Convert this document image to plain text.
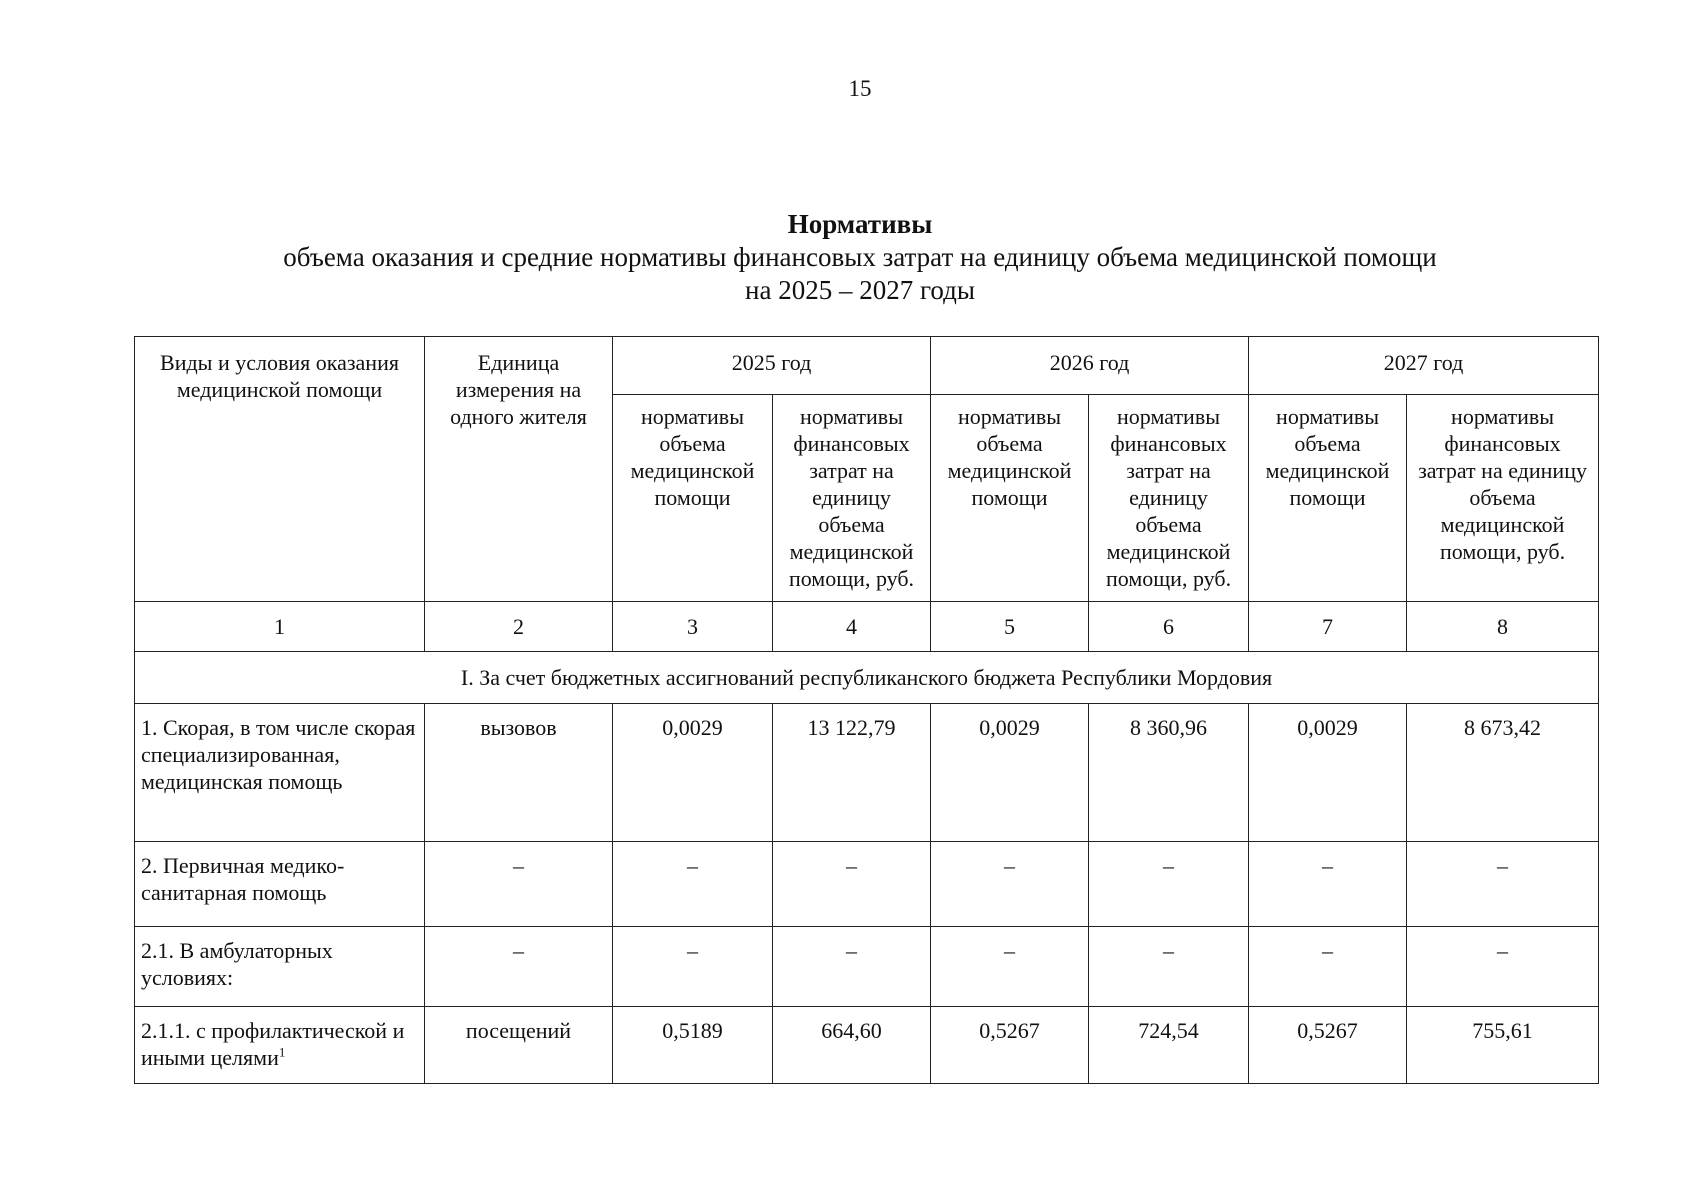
15
Нормативы
объема оказания и средние нормативы финансовых затрат на единицу объема медицинской помощи
на 2025 – 2027 годы
Виды и условия оказания медицинской помощи	Единица измерения на одного жителя	2025 год		2026 год		2027 год	
		нормативы объема медицинской помощи	нормативы финансовых затрат на единицу объема медицинской помощи, руб.	нормативы объема медицинской помощи	нормативы финансовых затрат на единицу объема медицинской помощи, руб.	нормативы объема медицинской помощи	нормативы финансовых затрат на единицу объема медицинской помощи, руб.
1	2	3	4	5	6	7	8
I. За счет бюджетных ассигнований республиканского бюджета Республики Мордовия							
1. Скорая, в том числе скорая специализированная, медицинская помощь	вызовов	0,0029	13 122,79	0,0029	8 360,96	0,0029	8 673,42
2. Первичная медико-санитарная помощь	–	–	–	–	–	–	–
2.1. В амбулаторных условиях:	–	–	–	–	–	–	–
2.1.1. с профилактической и иными целями$^1$	посещений	0,5189	664,60	0,5267	724,54	0,5267	755,61
